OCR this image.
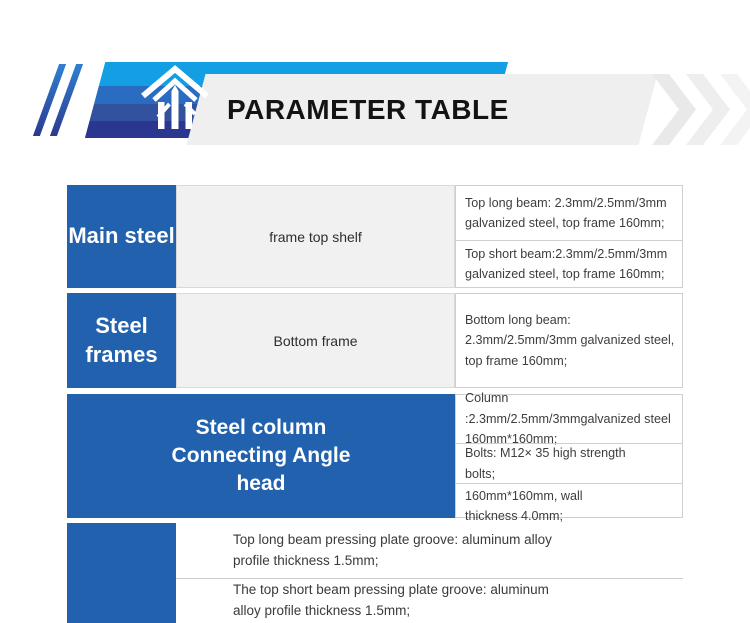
PARAMETER TABLE
Main steel	frame top shelf
Top long beam: 2.3mm/2.5mm/3mm galvanized steel, top frame 160mm;
Top short beam:2.3mm/2.5mm/3mm galvanized steel, top frame 160mm;
Steel frames
Bottom frame
Bottom long beam: 2.3mm/2.5mm/3mm galvanized steel, top frame 160mm;
Steel column Connecting Angle head
Column :2.3mm/2.5mm/3mmgalvanized steel 160mm*160mm;
Bolts: M12× 35 high strength bolts;
160mm*160mm, wall thickness 4.0mm;
Top long beam pressing plate groove: aluminum alloy profile thickness 1.5mm;
The top short beam pressing plate groove: aluminum alloy profile thickness 1.5mm;
